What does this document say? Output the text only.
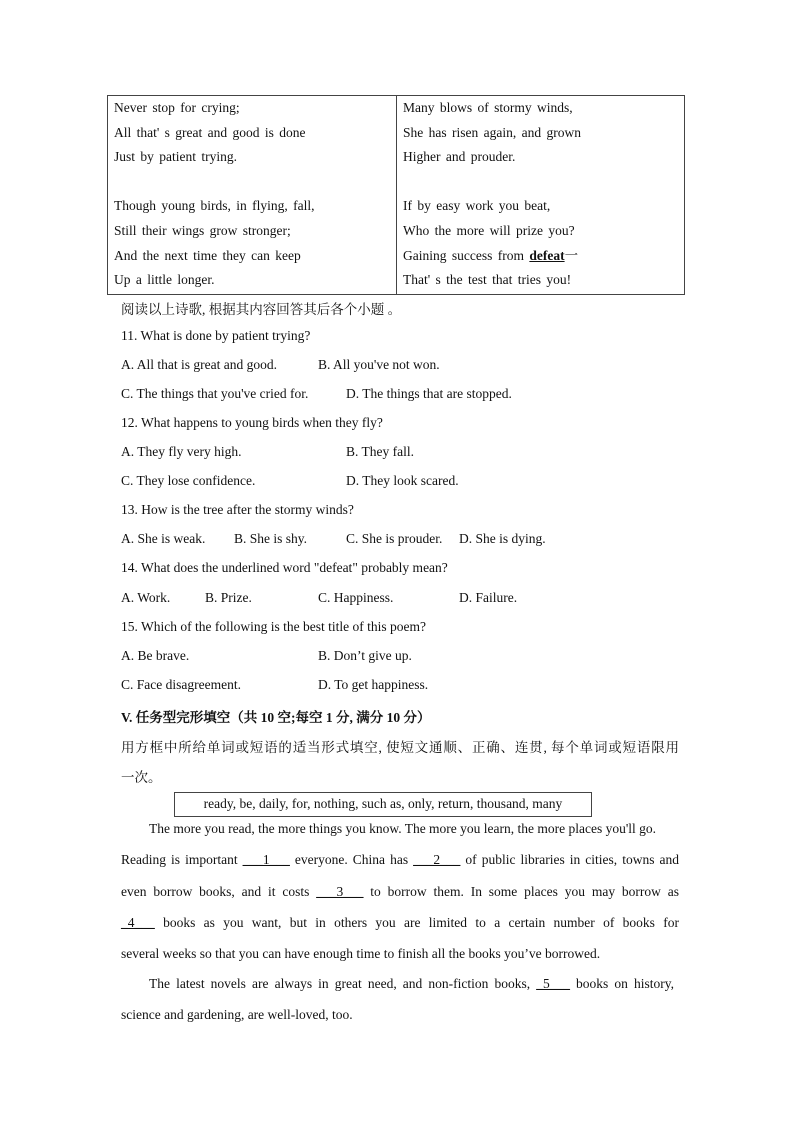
Never stop for crying;
All that' s great and good is done
Just by patient trying.
Though young birds, in flying, fall,
Still their wings grow stronger;
And the next time they can keep
Up a little longer.
Many blows of stormy winds,
She has risen again, and grown
Higher and prouder.
If by easy work you beat,
Who the more will prize you?
Gaining success from defeat一
That' s the test that tries you!
阅读以上诗歌, 根据其内容回答其后各个小题 。
11. What is done by patient trying?
A. All that is great and good.	B. All you've not won.
C. The things that you've cried for.	D. The things that are stopped.
12. What happens to young birds when they fly?
A. They fly very high.	B. They fall.
C. They lose confidence.	D. They look scared.
13. How is the tree after the stormy winds?
A. She is weak. B. She is shy.	C. She is prouder. D. She is dying.
14. What does the underlined word "defeat" probably mean?
A. Work.	B. Prize.	C. Happiness.	D. Failure.
15. Which of the following is the best title of this poem?
A. Be brave.	B. Don’t give up.
C. Face disagreement.	D. To get happiness.
V. 任务型完形填空（共 10 空;每空 1 分, 满分 10 分）
用方框中所给单词或短语的适当形式填空, 使短文通顺、正确、连贯, 每个单词或短语限用
一次。
ready, be, daily, for, nothing, such as, only, return, thousand, many
The more you read, the more things you know. The more you learn, the more places you'll go.
Reading is important ___1___ everyone. China has ___2___ of public libraries in cities, towns and
even borrow books, and it costs ___3___ to borrow them. In some places you may borrow as
_4___ books as you want, but in others you are limited to a certain number of books for
several weeks so that you can have enough time to finish all the books you’ve borrowed.
The latest novels are always in great need, and non-fiction books, _5___ books on history,
science and gardening, are well-loved, too.
